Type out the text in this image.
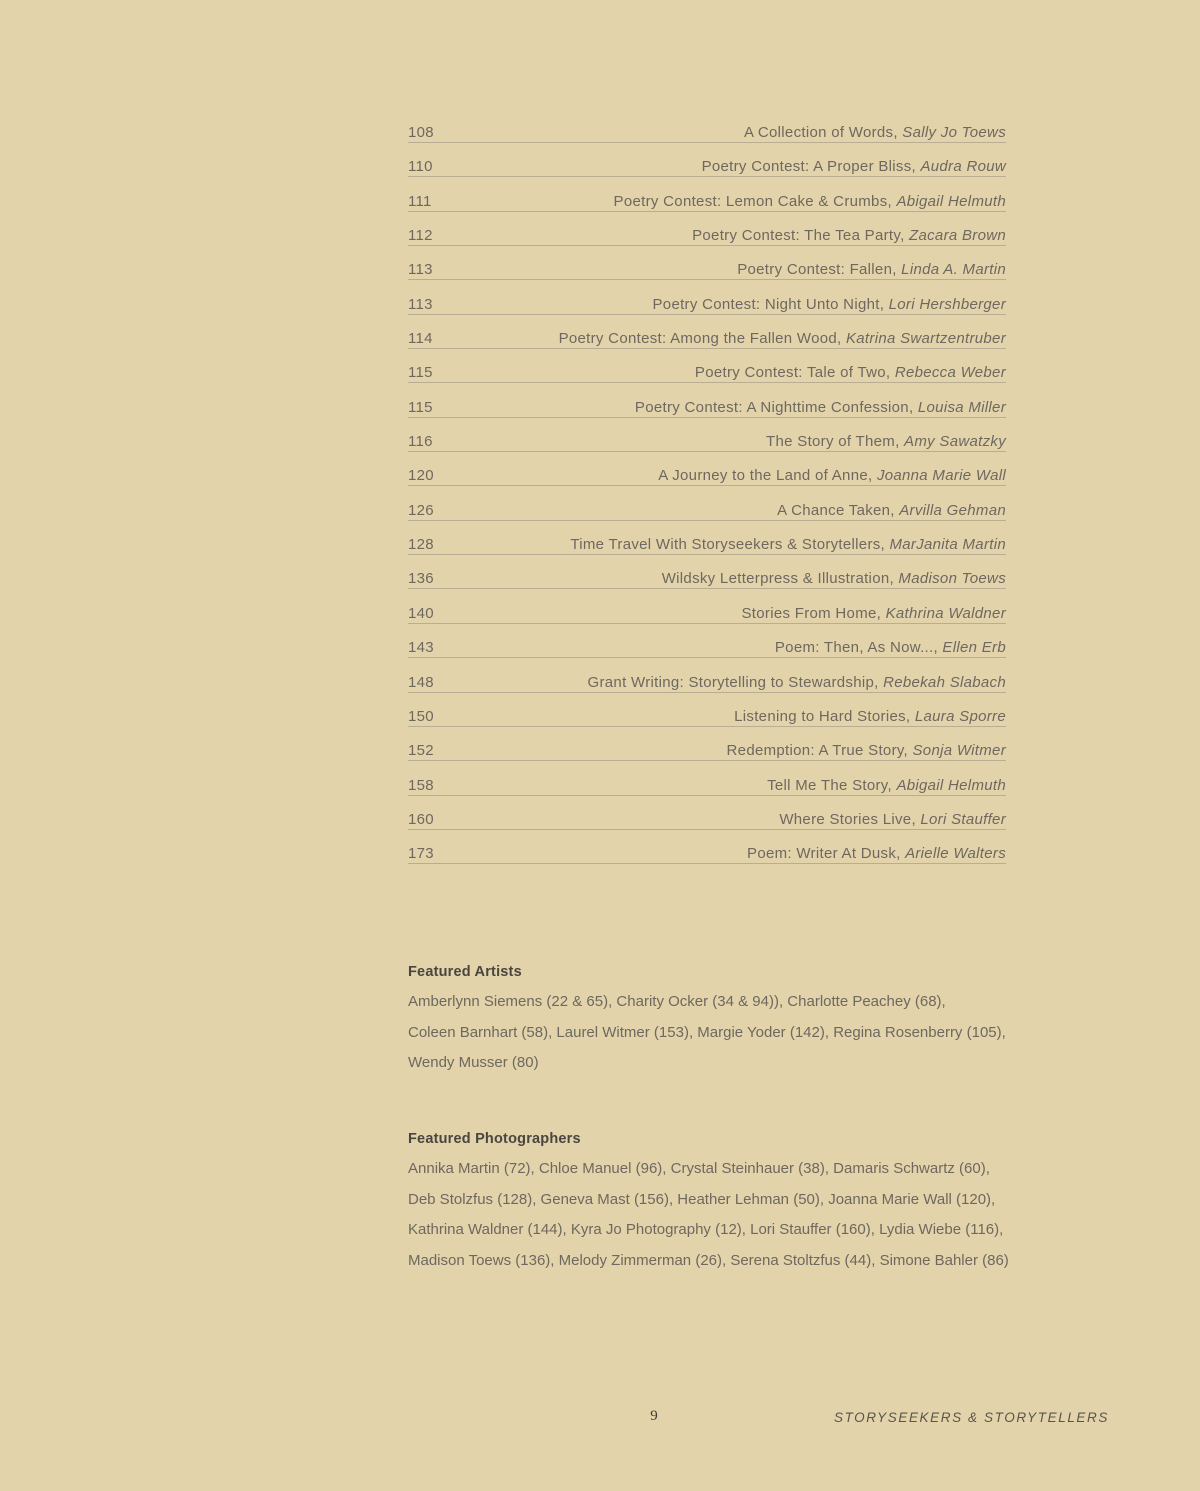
108	A Collection of Words, Sally Jo Toews
110	Poetry Contest: A Proper Bliss, Audra Rouw
111	Poetry Contest: Lemon Cake & Crumbs, Abigail Helmuth
112	Poetry Contest: The Tea Party, Zacara Brown
113	Poetry Contest: Fallen, Linda A. Martin
113	Poetry Contest: Night Unto Night, Lori Hershberger
114	Poetry Contest: Among the Fallen Wood, Katrina Swartzentruber
115	Poetry Contest: Tale of Two, Rebecca Weber
115	Poetry Contest: A Nighttime Confession, Louisa Miller
116	The Story of Them, Amy Sawatzky
120	A Journey to the Land of Anne, Joanna Marie Wall
126	A Chance Taken, Arvilla Gehman
128	Time Travel With Storyseekers & Storytellers, MarJanita Martin
136	Wildsky Letterpress & Illustration, Madison Toews
140	Stories From Home, Kathrina Waldner
143	Poem: Then, As Now..., Ellen Erb
148	Grant Writing: Storytelling to Stewardship, Rebekah Slabach
150	Listening to Hard Stories, Laura Sporre
152	Redemption: A True Story, Sonja Witmer
158	Tell Me The Story, Abigail Helmuth
160	Where Stories Live, Lori Stauffer
173	Poem: Writer At Dusk, Arielle Walters
Featured Artists
Amberlynn Siemens (22 & 65), Charity Ocker (34 & 94)), Charlotte Peachey (68),
Coleen Barnhart (58), Laurel Witmer (153), Margie Yoder (142), Regina Rosenberry (105),
Wendy Musser (80)
Featured Photographers
Annika Martin (72), Chloe Manuel (96), Crystal Steinhauer (38), Damaris Schwartz (60),
Deb Stolzfus (128), Geneva Mast (156), Heather Lehman (50), Joanna Marie Wall (120),
Kathrina Waldner (144), Kyra Jo Photography (12), Lori Stauffer (160), Lydia Wiebe (116),
Madison Toews (136), Melody Zimmerman (26), Serena Stoltzfus (44), Simone Bahler (86)
9	STORYSEEKERS & STORYTELLERS
